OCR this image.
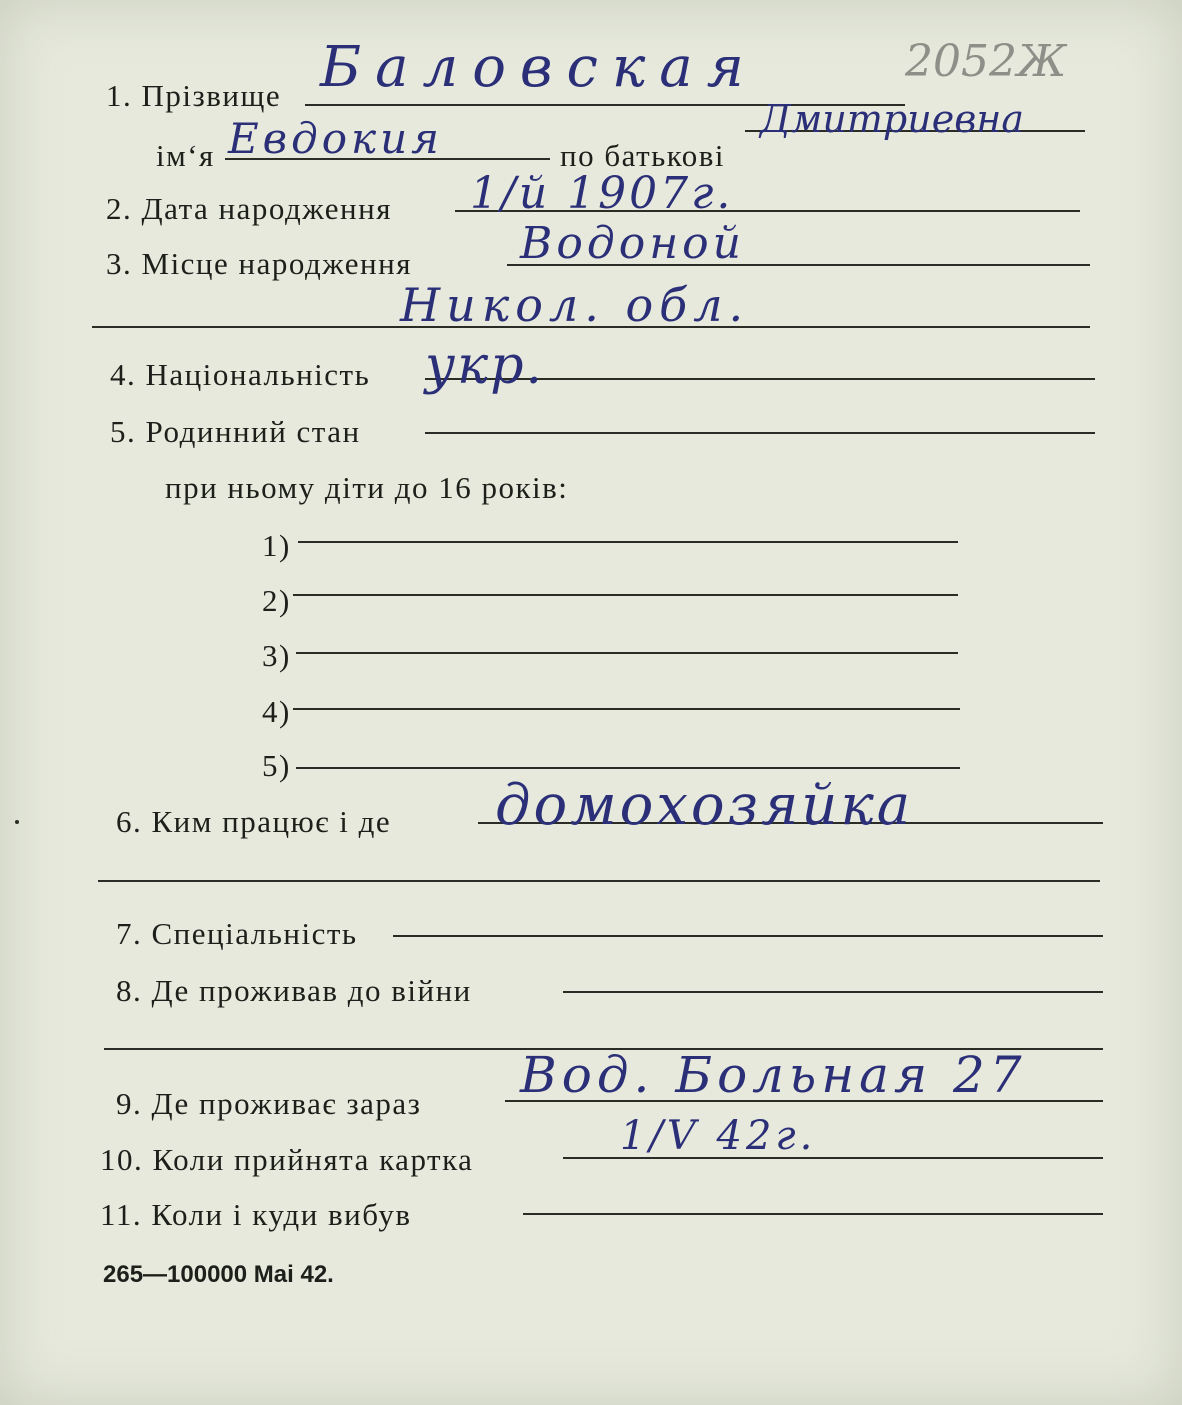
1. Прізвище Баловская	2052Ж
ім‘я Евдокия	по батькові
Дмитриевна
2. Дата народження 1/й 1907г.
3. Місце народження Водоной
Никол. обл.
4. Національність укр.
5. Родинний стан
при ньому діти до 16 років:
1)
2)
3)
4)
5)
6. Ким працює і де домохозяйка
7. Спеціальність
8. Де проживав до війни
9. Де проживає зараз Вод. Больная 27
10. Коли прийнята картка
1/V 42г.
11. Коли і куди вибув
265—100000 Mai 42.
